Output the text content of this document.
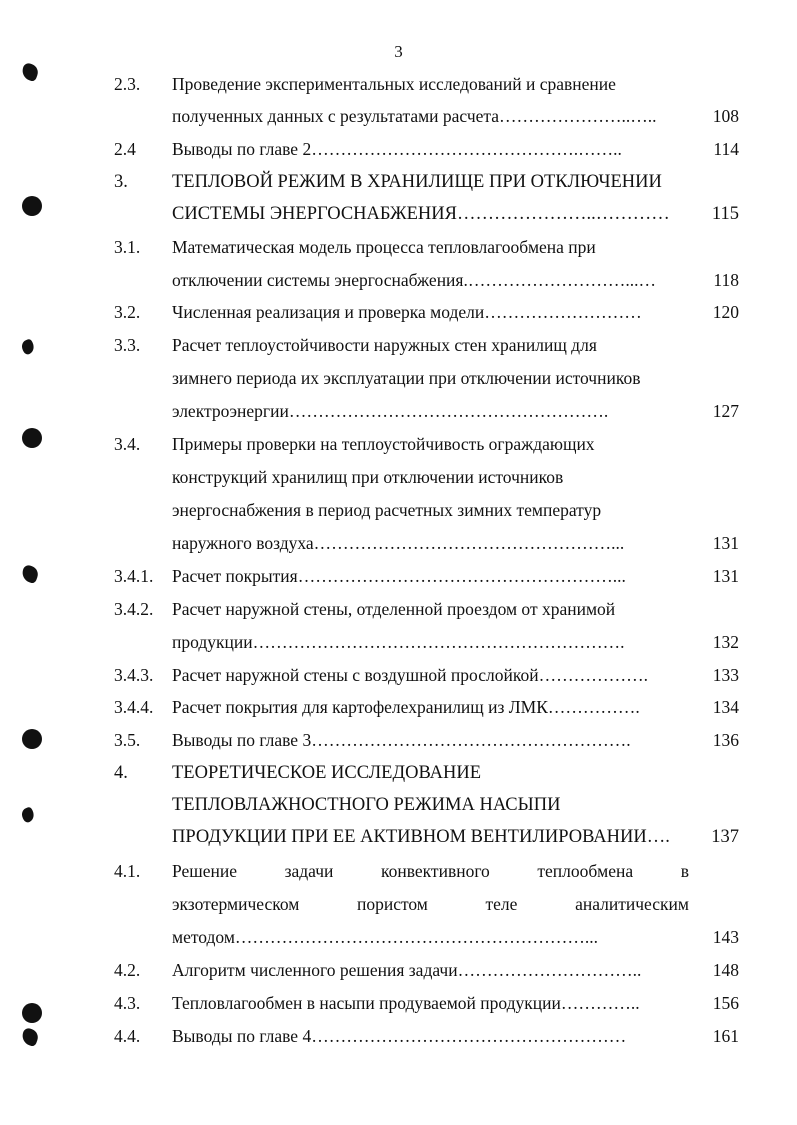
3
2.3. Проведение экспериментальных исследований и сравнение
полученных данных с результатами расчета…………………..…..	108
2.4 Выводы по главе 2……………………………………….……..	114
3. ТЕПЛОВОЙ РЕЖИМ В ХРАНИЛИЩЕ ПРИ ОТКЛЮЧЕНИИ
СИСТЕМЫ ЭНЕРГОСНАБЖЕНИЯ…………………..………… 115
3.1. Математическая модель процесса тепловлагообмена при
отключении системы энергоснабжения.………………………...…	118
3.2. Численная реализация и проверка модели………………………	120
3.3. Расчет теплоустойчивости наружных стен хранилищ для
зимнего периода их эксплуатации при отключении источников
электроэнергии……………………………………………….	127
3.4. Примеры проверки на теплоустойчивость ограждающих
конструкций хранилищ при отключении источников
энергоснабжения в период расчетных зимних температур
наружного воздуха……………………………………………...	131
3.4.1. Расчет покрытия………………………………………………...	131
3.4.2. Расчет наружной стены, отделенной проездом от хранимой
продукции……………………………………………………….	132
3.4.3. Расчет наружной стены с воздушной прослойкой……………….	133
3.4.4. Расчет покрытия для картофелехранилищ из ЛМК…………….	134
3.5. Выводы по главе 3……………………………………………….	136
4. ТЕОРЕТИЧЕСКОЕ ИССЛЕДОВАНИЕ
ТЕПЛОВЛАЖНОСТНОГО РЕЖИМА НАСЫПИ
ПРОДУКЦИИ ПРИ ЕЕ АКТИВНОМ ВЕНТИЛИРОВАНИИ…. 137
4.1. Решение	задачи	конвективного	теплообмена	в
экзотермическом	пористом	теле	аналитическим
методом……………………………………………………...	143
4.2. Алгоритм численного решения задачи…………………………..	148
4.3. Тепловлагообмен в насыпи продуваемой продукции…………..	156
4.4. Выводы по главе 4………………………………………………	161
